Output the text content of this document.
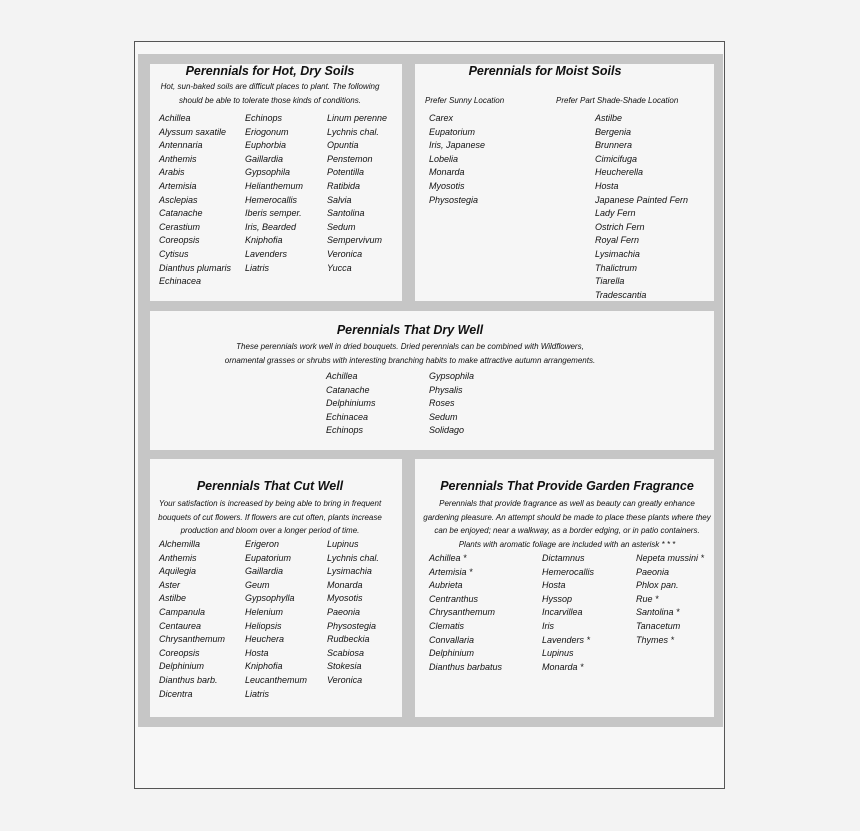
Perennials for Hot, Dry Soils
Hot, sun-baked soils are difficult places to plant. The following
should be able to tolerate those kinds of conditions.
Achillea
Alyssum saxatile
Antennaria
Anthemis
Arabis
Artemisia
Asclepias
Catanache
Cerastium
Coreopsis
Cytisus
Dianthus plumaris
Echinacea
Echinops
Eriogonum
Euphorbia
Gaillardia
Gypsophila
Helianthemum
Hemerocallis
Iberis semper.
Iris, Bearded
Kniphofia
Lavenders
Liatris
Linum perenne
Lychnis chal.
Opuntia
Penstemon
Potentilla
Ratibida
Salvia
Santolina
Sedum
Sempervivum
Veronica
Yucca
Perennials for Moist Soils
Prefer Sunny Location	Prefer Part Shade-Shade Location
Carex
Eupatorium
Iris, Japanese
Lobelia
Monarda
Myosotis
Physostegia
Astilbe
Bergenia
Brunnera
Cimicifuga
Heucherella
Hosta
Japanese Painted Fern
Lady Fern
Ostrich Fern
Royal Fern
Lysimachia
Thalictrum
Tiarella
Tradescantia
Perennials That Dry Well
These perennials work well in dried bouquets. Dried perennials can be combined with Wildflowers,
ornamental grasses or shrubs with interesting branching habits to make attractive autumn arrangements.
Achillea
Catanache
Delphiniums
Echinacea
Echinops
Gypsophila
Physalis
Roses
Sedum
Solidago
Perennials That Cut Well
Your satisfaction is increased by being able to bring in frequent
bouquets of cut flowers. If flowers are cut often, plants increase
production and bloom over a longer period of time.
Alchemilla
Anthemis
Aquilegia
Aster
Astilbe
Campanula
Centaurea
Chrysanthemum
Coreopsis
Delphinium
Dianthus barb.
Dicentra
Erigeron
Eupatorium
Gaillardia
Geum
Gypsophylla
Helenium
Heliopsis
Heuchera
Hosta
Kniphofia
Leucanthemum
Liatris
Lupinus
Lychnis chal.
Lysimachia
Monarda
Myosotis
Paeonia
Physostegia
Rudbeckia
Scabiosa
Stokesia
Veronica
Perennials That Provide Garden Fragrance
Perennials that provide fragrance as well as beauty can greatly enhance
gardening pleasure. An attempt should be made to place these plants where they
can be enjoyed; near a walkway, as a border edging, or in patio containers.
Plants with aromatic foliage are included with an asterisk * * *
Achillea *
Artemisia *
Aubrieta
Centranthus
Chrysanthemum
Clematis
Convallaria
Delphinium
Dianthus barbatus
Dictamnus
Hemerocallis
Hosta
Hyssop
Incarvillea
Iris
Lavenders *
Lupinus
Monarda *
Nepeta mussini *
Paeonia
Phlox pan.
Rue *
Santolina *
Tanacetum
Thymes *
